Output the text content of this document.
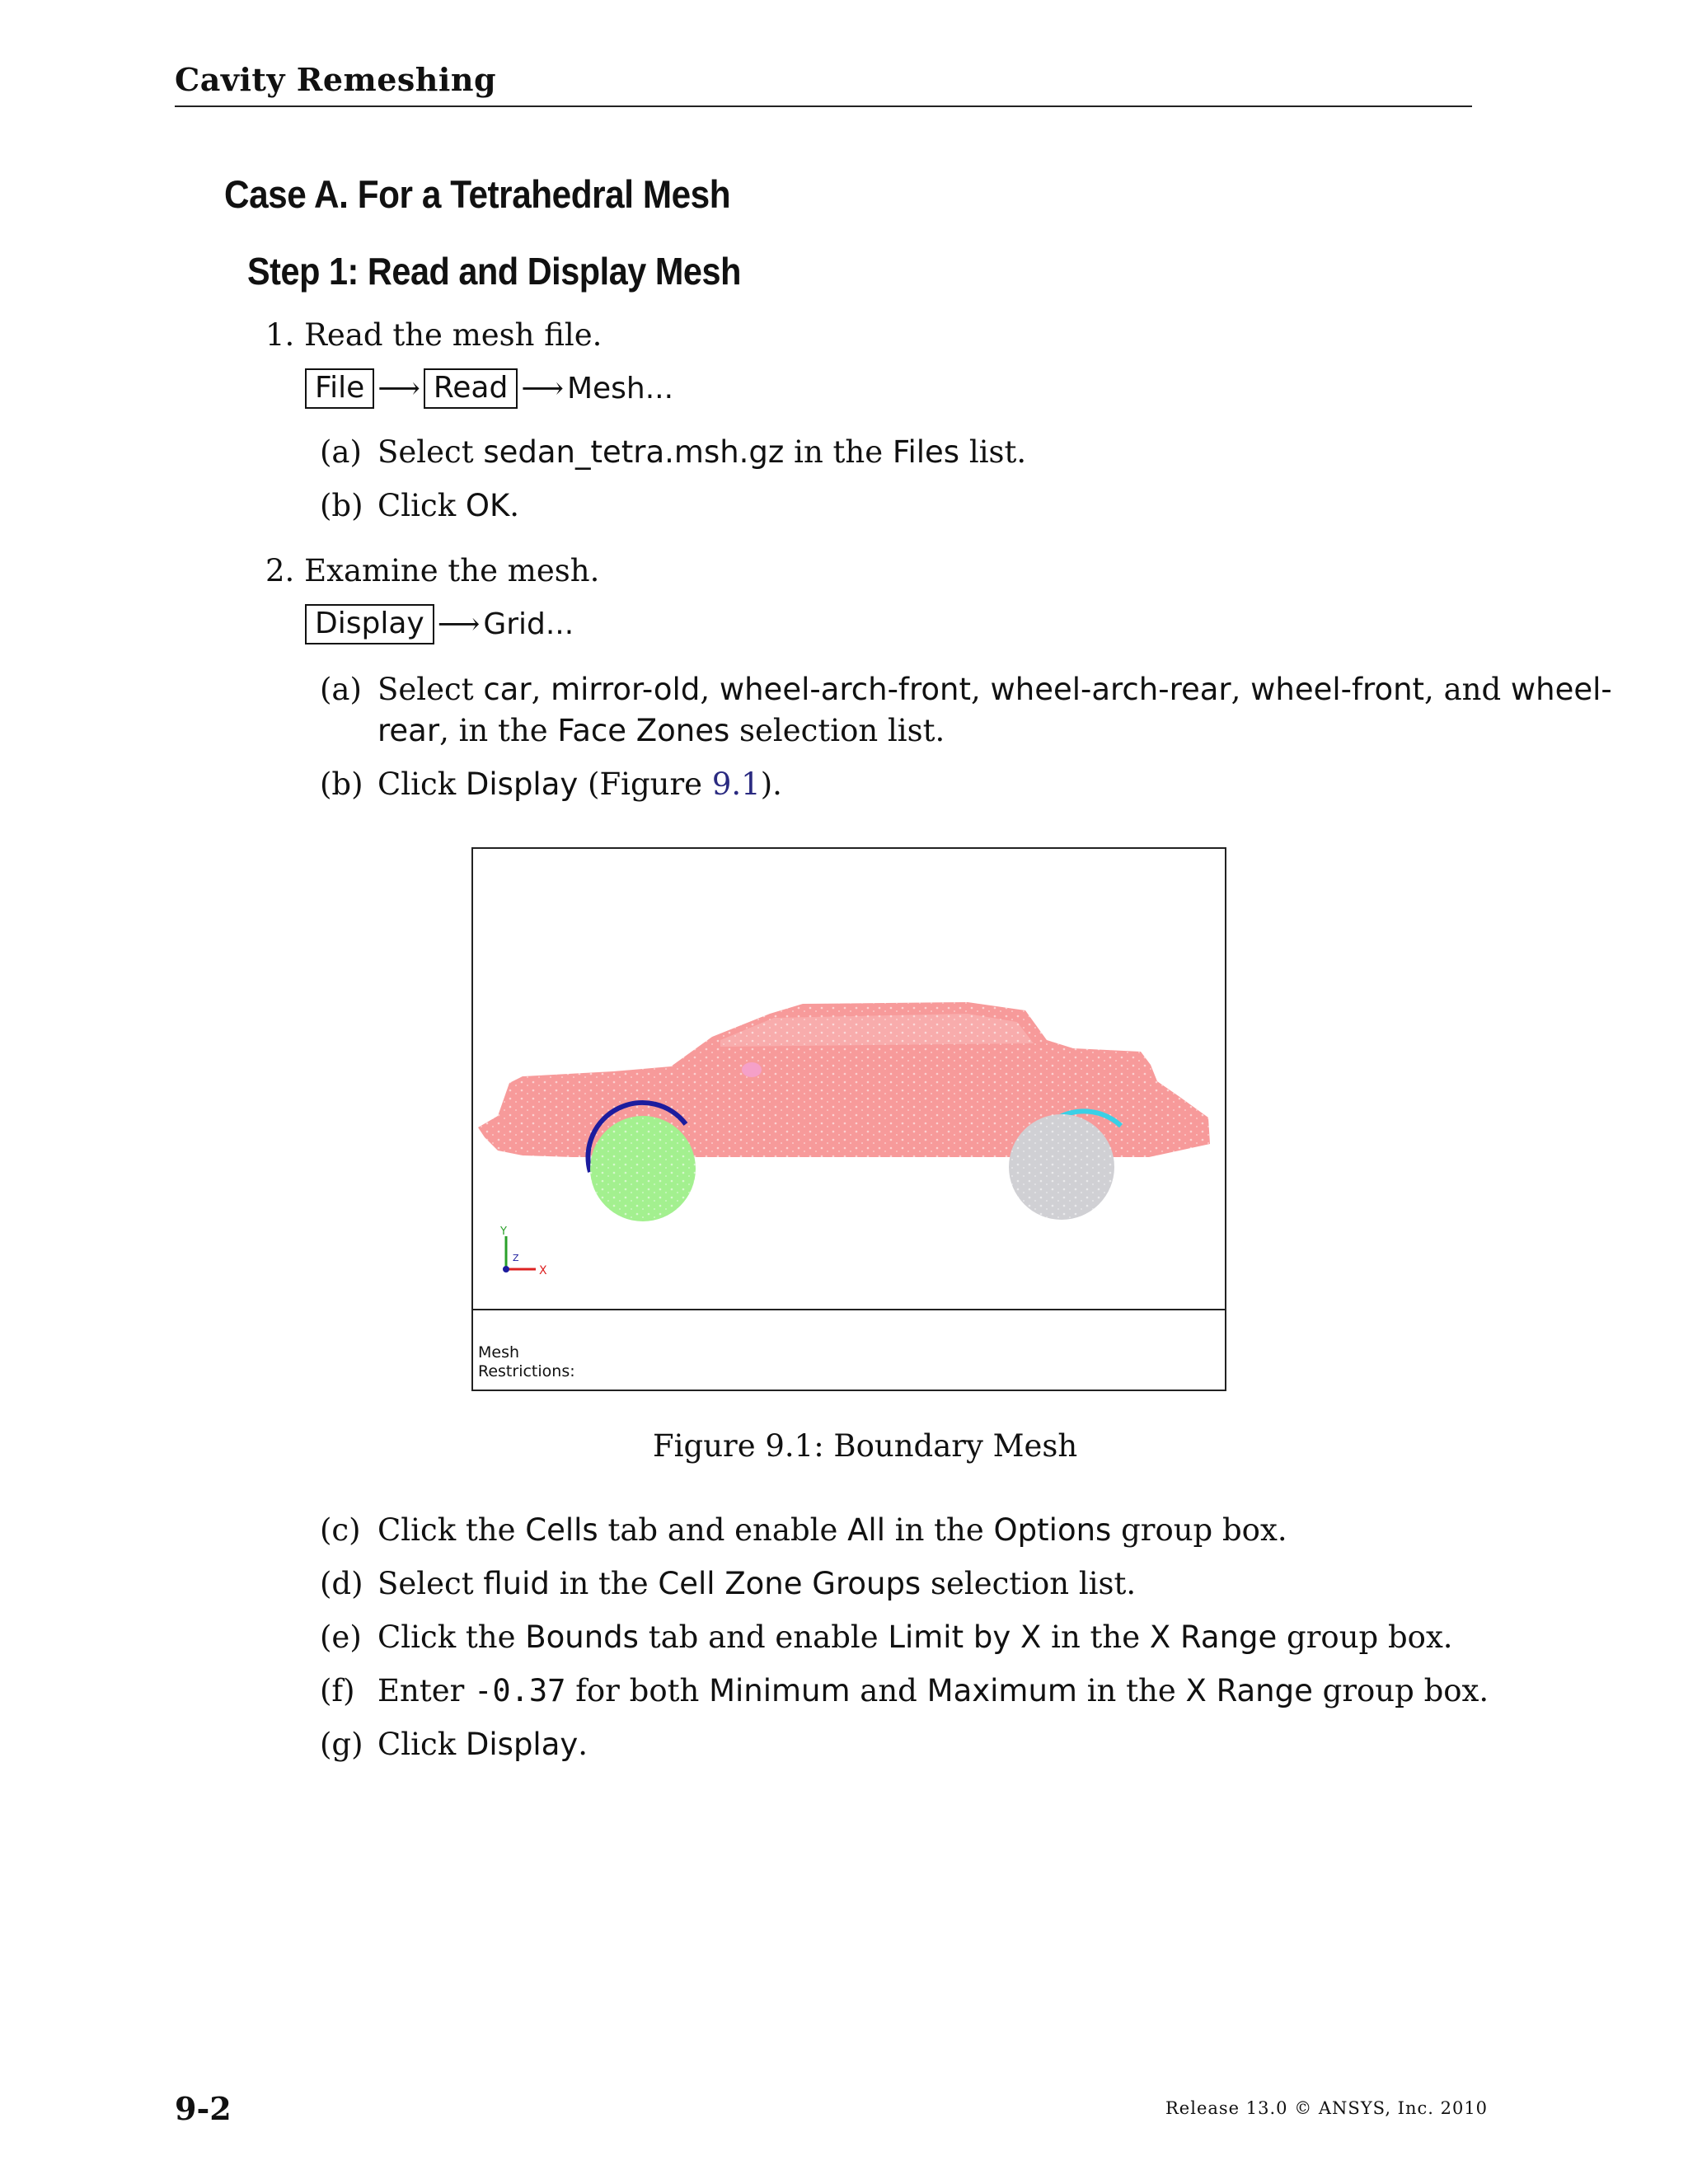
Cavity Remeshing
Case A. For a Tetrahedral Mesh
Step 1: Read and Display Mesh
1. Read the mesh file.
File ⟶ Read ⟶ Mesh...
(a) Select sedan_tetra.msh.gz in the Files list.
(b) Click OK.
2. Examine the mesh.
Display ⟶ Grid...
(a) Select car, mirror-old, wheel-arch-front, wheel-arch-rear, wheel-front, and wheel-
rear, in the Face Zones selection list.
(b) Click Display (Figure 9.1).
Y
Z
X
Mesh
Restrictions:
Figure 9.1: Boundary Mesh
(c) Click the Cells tab and enable All in the Options group box.
(d) Select fluid in the Cell Zone Groups selection list.
(e) Click the Bounds tab and enable Limit by X in the X Range group box.
(f) Enter -0.37 for both Minimum and Maximum in the X Range group box.
(g) Click Display.
9-2	Release 13.0 © ANSYS, Inc. 2010
